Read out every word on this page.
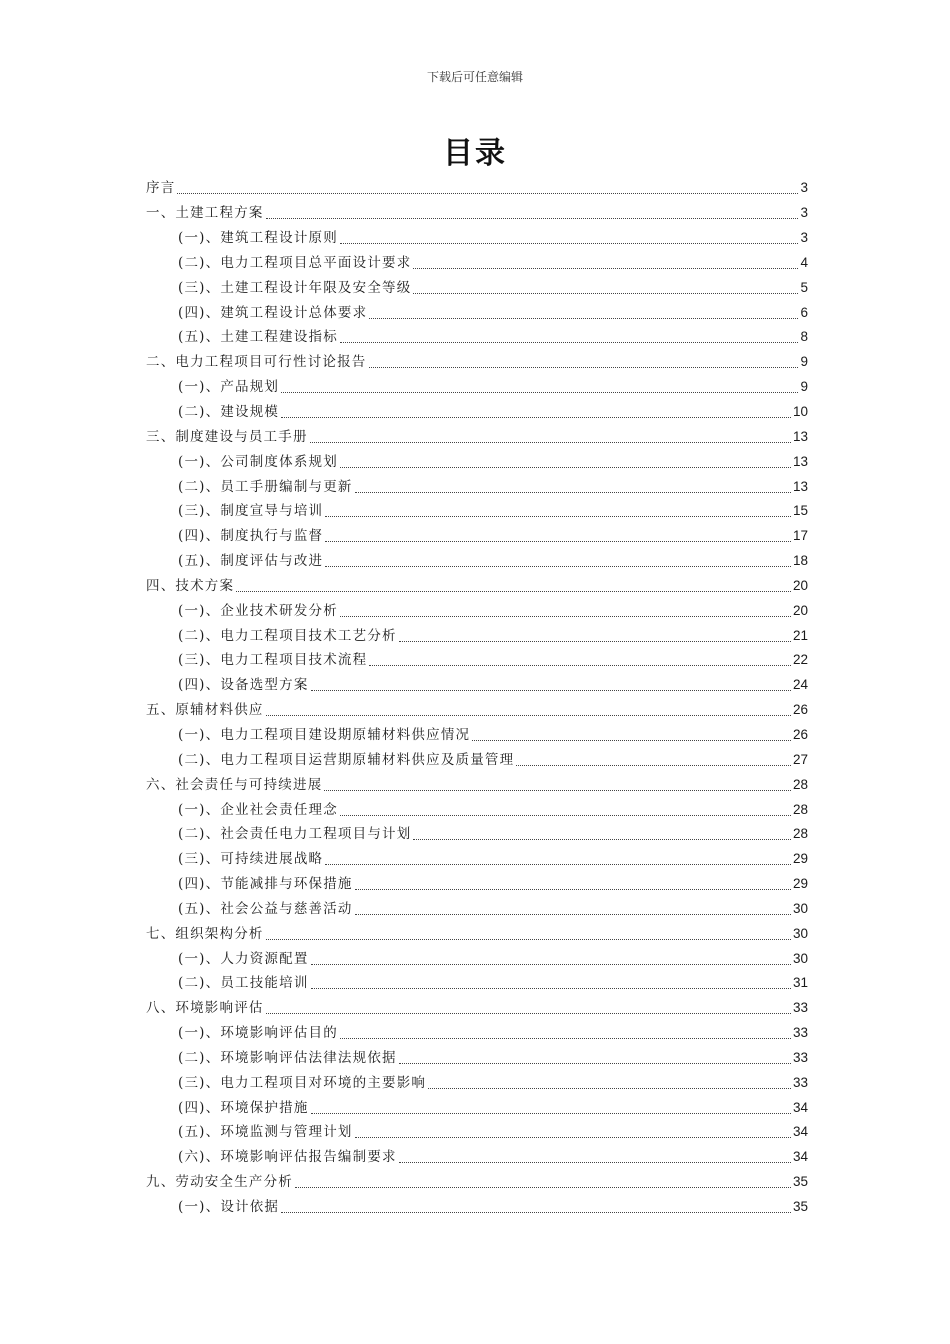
下载后可任意编辑
目录
序言	3
一、土建工程方案	3
(一)、建筑工程设计原则	3
(二)、电力工程项目总平面设计要求	4
(三)、土建工程设计年限及安全等级	5
(四)、建筑工程设计总体要求	6
(五)、土建工程建设指标	8
二、电力工程项目可行性讨论报告	9
(一)、产品规划	9
(二)、建设规模	10
三、制度建设与员工手册	13
(一)、公司制度体系规划	13
(二)、员工手册编制与更新	13
(三)、制度宣导与培训	15
(四)、制度执行与监督	17
(五)、制度评估与改进	18
四、技术方案	20
(一)、企业技术研发分析	20
(二)、电力工程项目技术工艺分析	21
(三)、电力工程项目技术流程	22
(四)、设备选型方案	24
五、原辅材料供应	26
(一)、电力工程项目建设期原辅材料供应情况	26
(二)、电力工程项目运营期原辅材料供应及质量管理	27
六、社会责任与可持续进展	28
(一)、企业社会责任理念	28
(二)、社会责任电力工程项目与计划	28
(三)、可持续进展战略	29
(四)、节能减排与环保措施	29
(五)、社会公益与慈善活动	30
七、组织架构分析	30
(一)、人力资源配置	30
(二)、员工技能培训	31
八、环境影响评估	33
(一)、环境影响评估目的	33
(二)、环境影响评估法律法规依据	33
(三)、电力工程项目对环境的主要影响	33
(四)、环境保护措施	34
(五)、环境监测与管理计划	34
(六)、环境影响评估报告编制要求	34
九、劳动安全生产分析	35
(一)、设计依据	35
